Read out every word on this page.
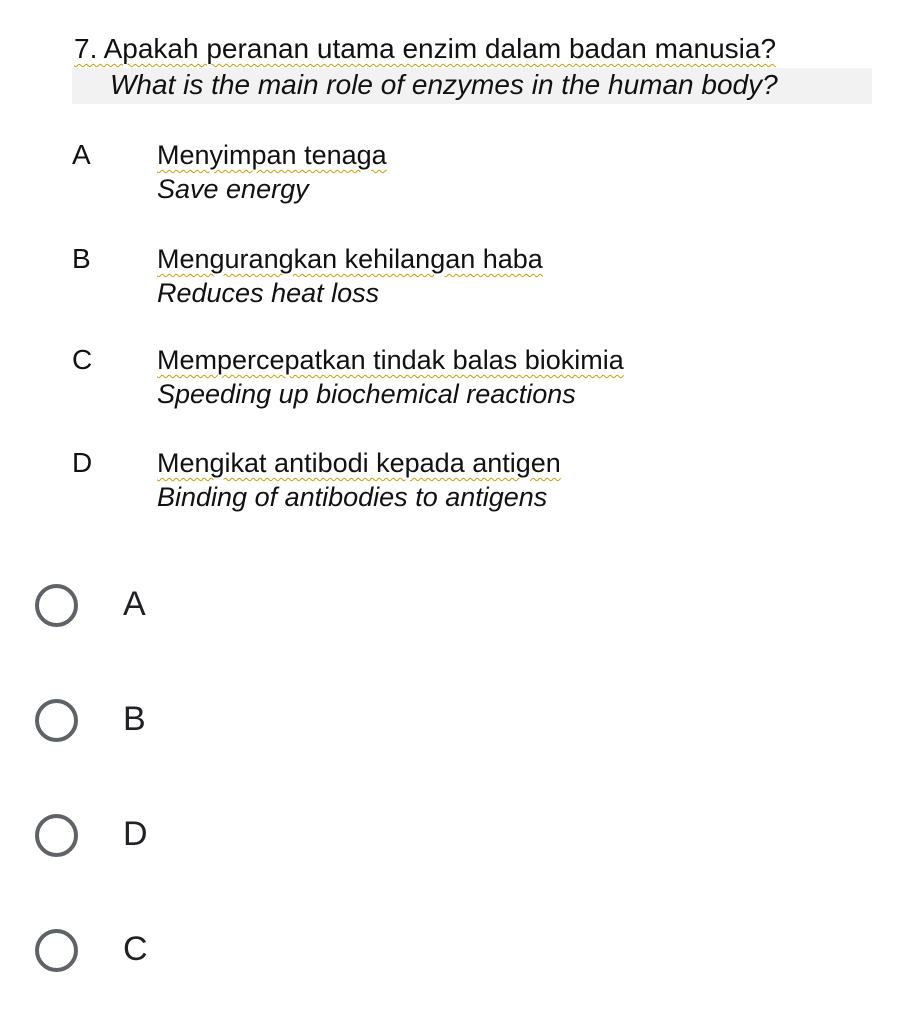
7. Apakah peranan utama enzim dalam badan manusia?
What is the main role of enzymes in the human body?
A Menyimpan tenaga
Save energy
B Mengurangkan kehilangan haba
Reduces heat loss
C Mempercepatkan tindak balas biokimia
Speeding up biochemical reactions
D Mengikat antibodi kepada antigen
Binding of antibodies to antigens
A
B
D
C
